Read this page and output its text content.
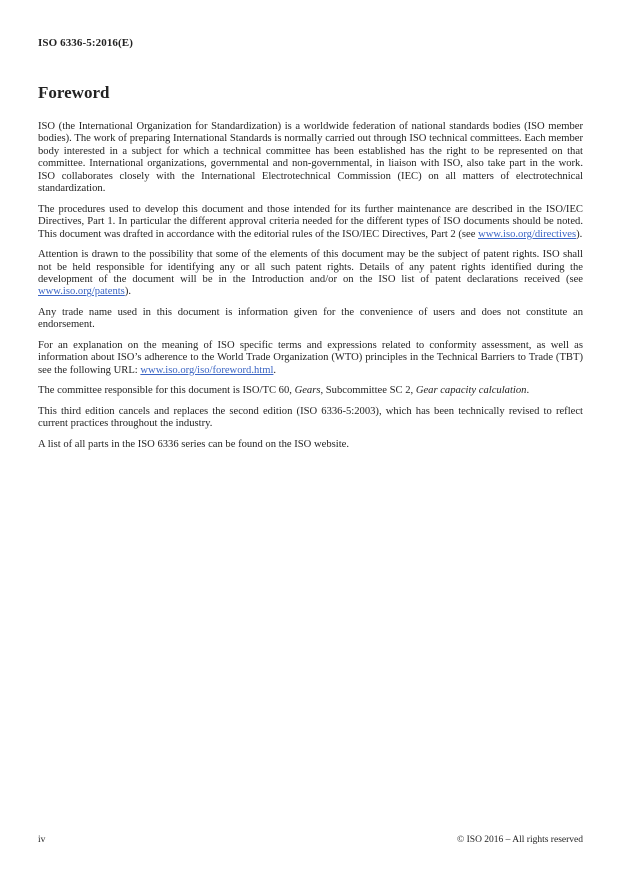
ISO 6336-5:2016(E)
Foreword

ISO (the International Organization for Standardization) is a worldwide federation of national standards bodies (ISO member bodies). The work of preparing International Standards is normally carried out through ISO technical committees. Each member body interested in a subject for which a technical committee has been established has the right to be represented on that committee. International organizations, governmental and non-governmental, in liaison with ISO, also take part in the work. ISO collaborates closely with the International Electrotechnical Commission (IEC) on all matters of electrotechnical standardization.

The procedures used to develop this document and those intended for its further maintenance are described in the ISO/IEC Directives, Part 1. In particular the different approval criteria needed for the different types of ISO documents should be noted. This document was drafted in accordance with the editorial rules of the ISO/IEC Directives, Part 2 (see www.iso.org/directives).

Attention is drawn to the possibility that some of the elements of this document may be the subject of patent rights. ISO shall not be held responsible for identifying any or all such patent rights. Details of any patent rights identified during the development of the document will be in the Introduction and/or on the ISO list of patent declarations received (see www.iso.org/patents).

Any trade name used in this document is information given for the convenience of users and does not constitute an endorsement.

For an explanation on the meaning of ISO specific terms and expressions related to conformity assessment, as well as information about ISO’s adherence to the World Trade Organization (WTO) principles in the Technical Barriers to Trade (TBT) see the following URL: www.iso.org/iso/foreword.html.

The committee responsible for this document is ISO/TC 60, Gears, Subcommittee SC 2, Gear capacity calculation.

This third edition cancels and replaces the second edition (ISO 6336-5:2003), which has been technically revised to reflect current practices throughout the industry.

A list of all parts in the ISO 6336 series can be found on the ISO website.

iv	© ISO 2016 – All rights reserved
